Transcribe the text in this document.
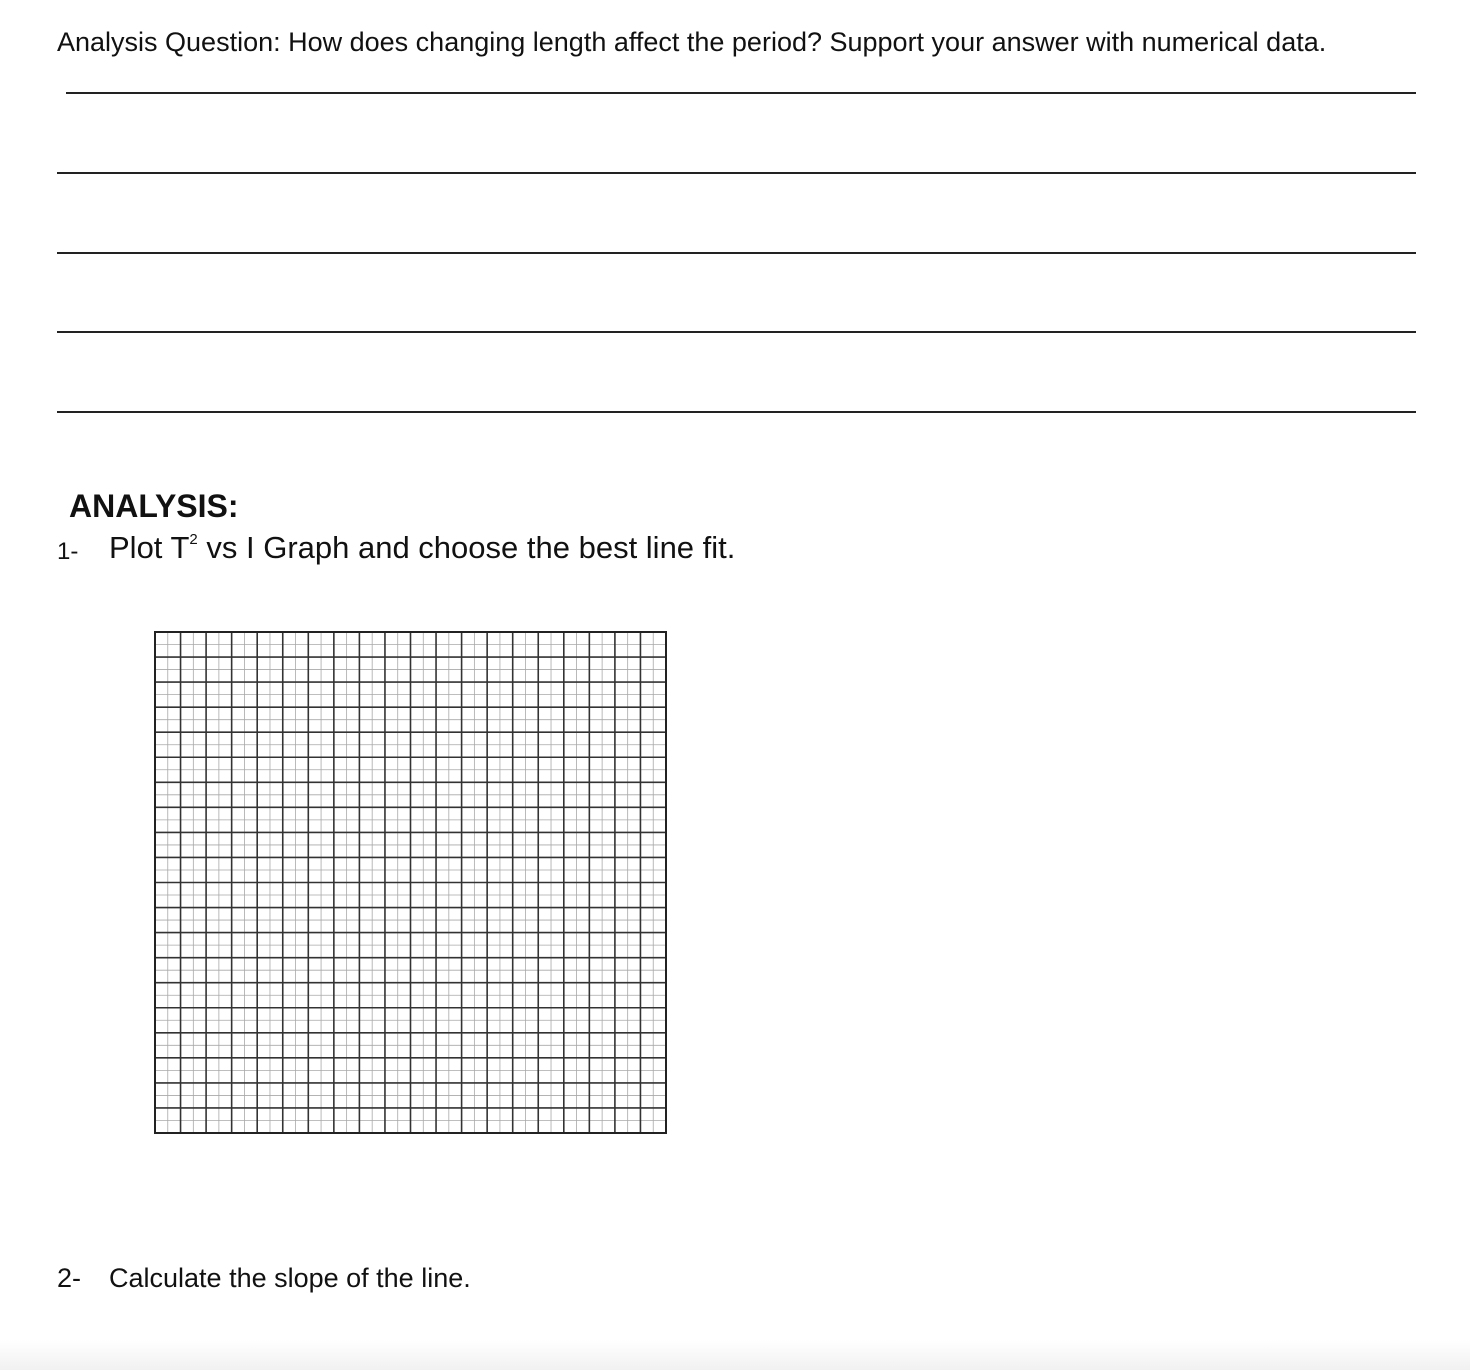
Analysis Question: How does changing length affect the period? Support your answer with numerical data.
ANALYSIS:
1- Plot $T^2$ vs I Graph and choose the best line fit.
2- Calculate the slope of the line.
